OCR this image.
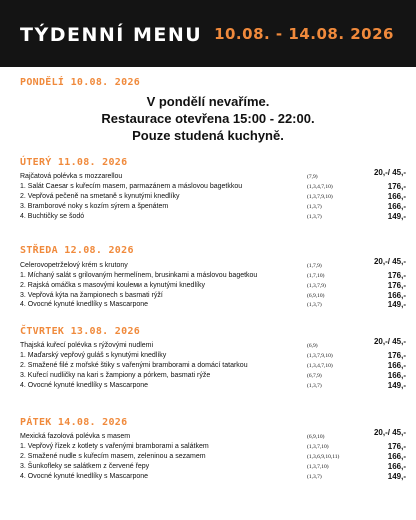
TÝDENNÍ MENU 10.08. - 14.08. 2026
PONDĚLÍ 10.08. 2026
V pondělí nevaříme.
Restaurace otevřena 15:00 - 22:00.
Pouze studená kuchyně.
ÚTERÝ 11.08. 2026
Rajčatová polévka s mozzarellou	(7,9)	20,-/ 45,-
1. Salát Caesar s kuřecím masem, parmazánem a máslovou bagetkkou	(1,3,4,7,10)	176,-
2. Vepřová pečeně na smetaně s kynutými knedlíky	(1,3,7,9,10)	166,-
3. Bramborové noky s kozím sýrem a špenátem	(1,3,7)	166,-
4. Buchtičky se šodó	(1,3,7)	149,-
STŘEDA 12.08. 2026
Celerovopetrželový krém s krutony	(1,7,9)	20,-/ 45,-
1. Míchaný salát s grilovaným hermelínem, brusinkami a máslovou bagetkou	(1,7,10)	176,-
2. Rajská omáčka s masovými kouleми a kynutými knedlíky	(1,3,7,9)	176,-
3. Vepřová kýta na žampionech s basmati rýží	(6,9,10)	166,-
4. Ovocné kynuté knedlíky s Mascarpone	(1,3,7)	149,-
ČTVRTEK 13.08. 2026
Thajská kuřecí polévka s rýžovými nudlemi	(6,9)	20,-/ 45,-
1. Maďarský vepřový guláš s kynutými knedlíky	(1,3,7,9,10)	176,-
2. Smažené filé z mořské štiky s vařenými bramborami a domácí tatarkou	(1,3,4,7,10)	166,-
3. Kuřecí nudličky na kari s žampiony a pórkem, basmati rýže	(6,7,9)	166,-
4. Ovocné kynuté knedlíky s Mascarpone	(1,3,7)	149,-
PÁTEK 14.08. 2026
Mexická fazolová polévka s masem	(6,9,10)	20,-/ 45,-
1. Vepřový řízek z kotlety s vařenými bramborami a salátkem	(1,3,7,10)	176,-
2. Smažené nudle s kuřecím masem, zeleninou a sezamem	(1,3,6,9,10,11)	166,-
3. Šunkofleky se salátkem z červené řepy	(1,3,7,10)	166,-
4. Ovocné kynuté knedlíky s Mascarpone	(1,3,7)	149,-
